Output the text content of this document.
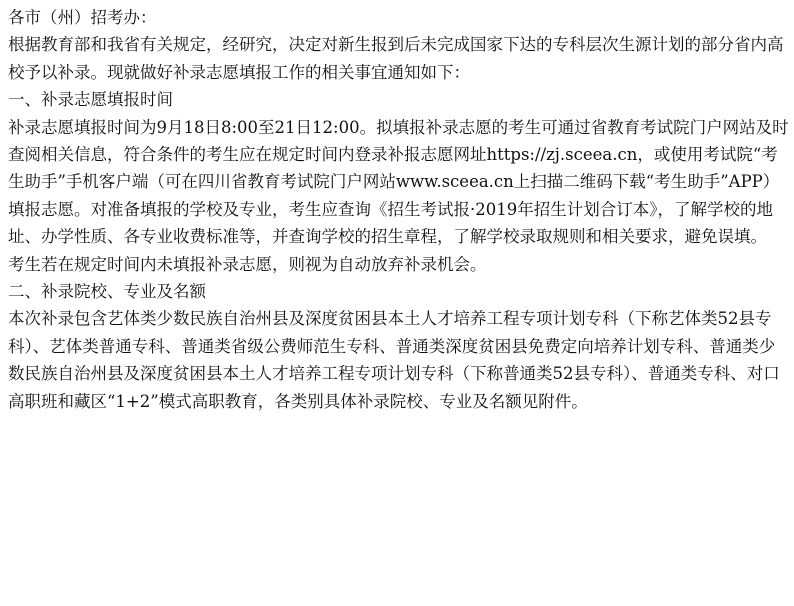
各市（州）招考办：

根据教育部和我省有关规定，经研究，决定对新生报到后未完成国家下达的专科层次生源计划的部分省内高校予以补录。现就做好补录志愿填报工作的相关事宜通知如下：

一、补录志愿填报时间

补录志愿填报时间为9月18日8:00至21日12:00。拟填报补录志愿的考生可通过省教育考试院门户网站及时查阅相关信息，符合条件的考生应在规定时间内登录补报志愿网址https://zj.sceea.cn，或使用考试院“考生助手”手机客户端（可在四川省教育考试院门户网站www.sceea.cn上扫描二维码下载“考生助手”APP）填报志愿。对准备填报的学校及专业，考生应查询《招生考试报·2019年招生计划合订本》，了解学校的地址、办学性质、各专业收费标准等，并查询学校的招生章程，了解学校录取规则和相关要求，避免误填。

考生若在规定时间内未填报补录志愿，则视为自动放弃补录机会。

二、补录院校、专业及名额

本次补录包含艺体类少数民族自治州县及深度贫困县本土人才培养工程专项计划专科（下称艺体类52县专科）、艺体类普通专科、普通类省级公费师范生专科、普通类深度贫困县免费定向培养计划专科、普通类少数民族自治州县及深度贫困县本土人才培养工程专项计划专科（下称普通类52县专科）、普通类专科、对口高职班和藏区“1+2”模式高职教育，各类别具体补录院校、专业及名额见附件。
